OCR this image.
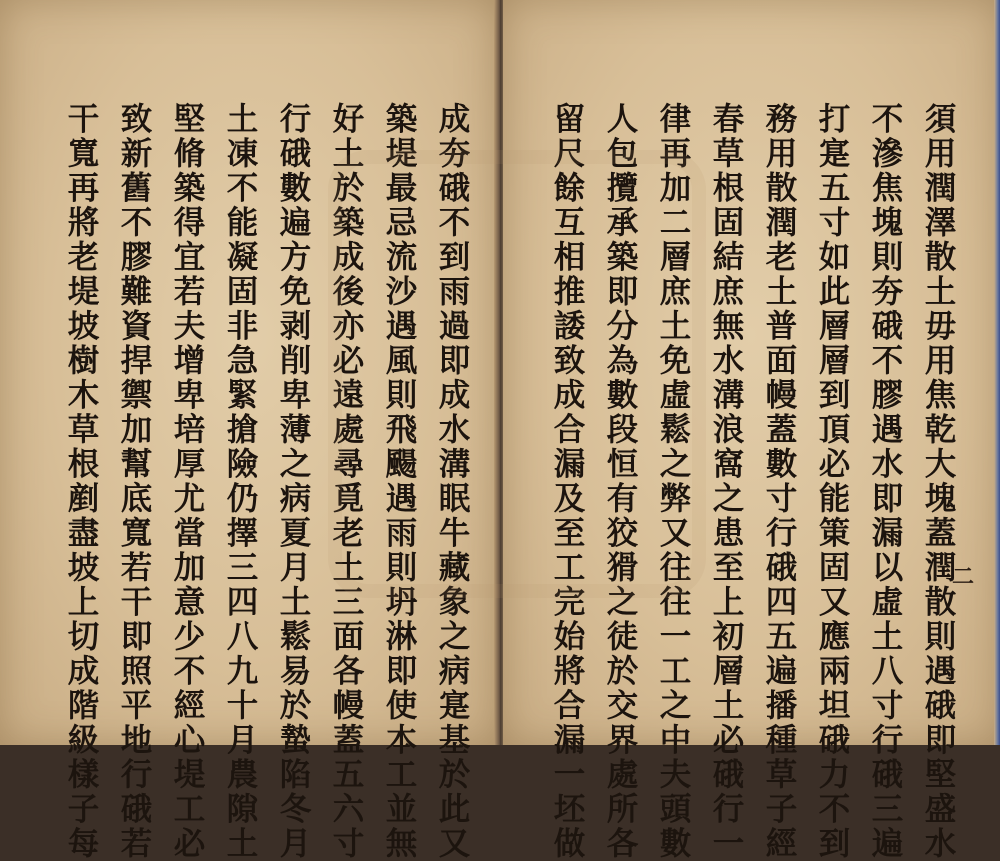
成夯硪不到雨過即成水溝眠牛藏象之病寔基於此又
築堤最忌流沙遇風則飛颺遇雨則坍淋即使本工並無
好土於築成後亦必遠處尋覓老土三面各幔蓋五六寸
行硪數遍方免剥削卑薄之病夏月土鬆易於蟄陷冬月
土凍不能凝固非急緊搶險仍擇三四八九十月農隙土
堅脩築得宜若夫增卑培厚尤當加意少不經心堤工必
致新舊不膠難資捍禦加幫底寬若干即照平地行硪若
干寬再將老堤坡樹木草根剷盡坡上切成階級樣子每	須用潤澤散土毋用焦乾大塊蓋潤散則遇硪即堅盛水
不滲焦塊則夯硪不膠遇水即漏以虛土八寸行硪三遍
打寔五寸如此層層到頂必能䇿固又應兩坦硪力不到
務用散潤老土普面幔蓋數寸行硪四五遍播種草子經
春草根固結庶無水溝浪窩之患至上初層土必硪行一
律再加二層庶土免虛鬆之弊又往往一工之中夫頭數
人包攬承築即分為數段恒有狡猾之徒於交界處所各
留尺餘互相推諉致成合漏及至工完始將合漏一坯做	二
